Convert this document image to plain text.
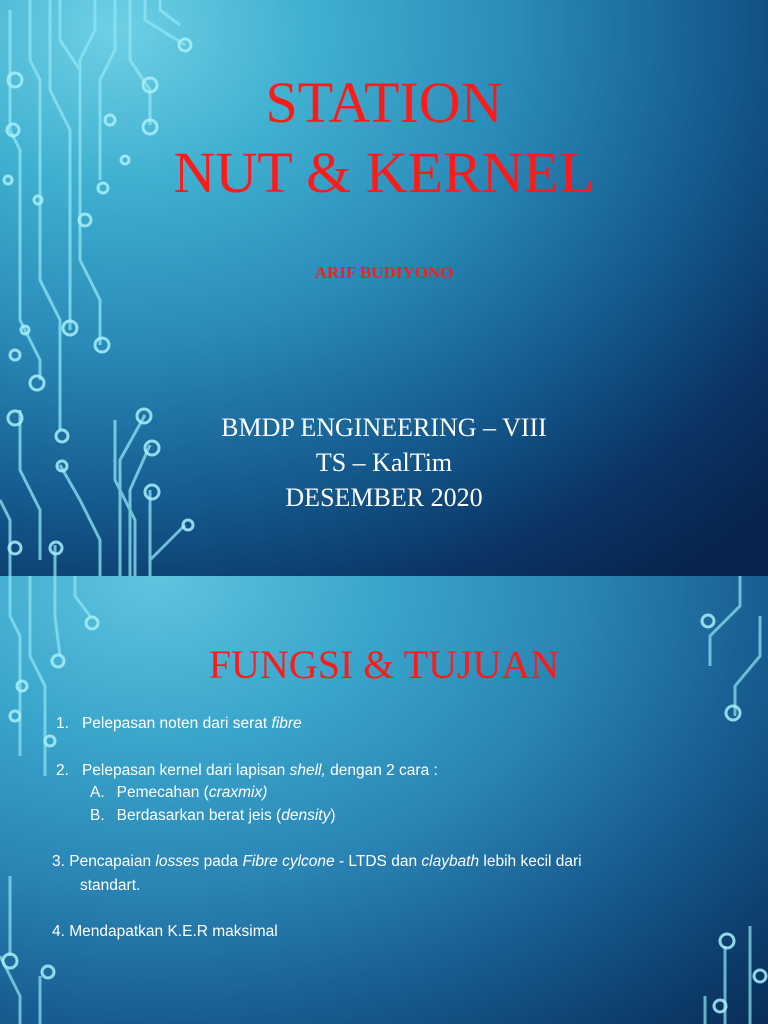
STATION
NUT & KERNEL
ARIF BUDIYONO
BMDP ENGINEERING – VIII
TS – KalTim
DESEMBER 2020
FUNGSI & TUJUAN
1. Pelepasan noten dari serat fibre
2. Pelepasan kernel dari lapisan shell, dengan 2 cara :
A. Pemecahan (craxmix)
B. Berdasarkan berat jeis (density)
3. Pencapaian losses pada Fibre cylcone - LTDS dan claybath lebih kecil dari
standart.
4. Mendapatkan K.E.R maksimal
